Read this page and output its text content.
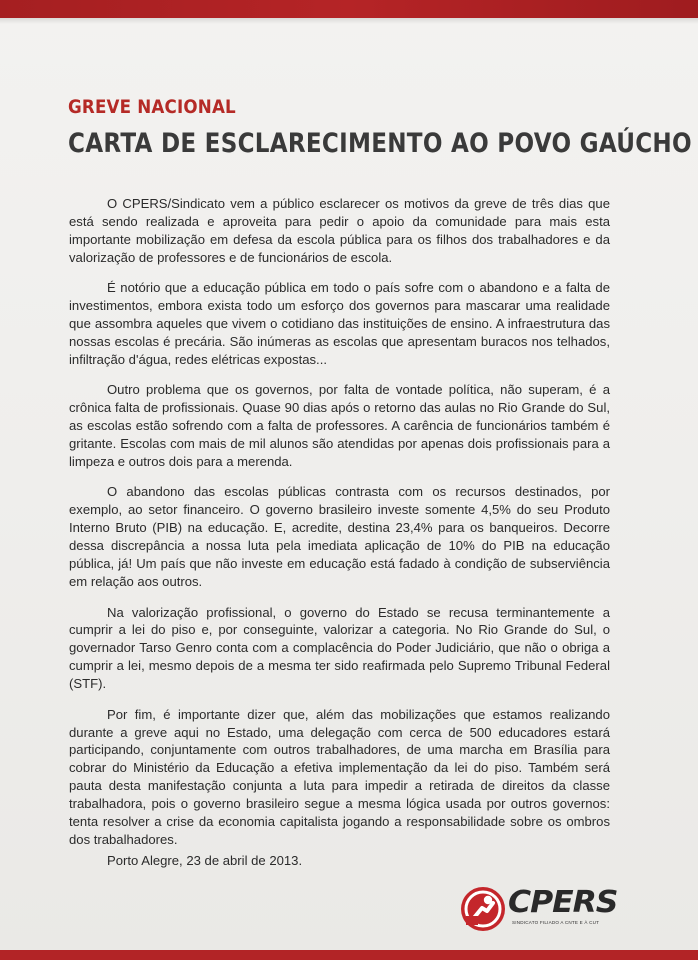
GREVE NACIONAL
CARTA DE ESCLARECIMENTO AO POVO GAÚCHO

O CPERS/Sindicato vem a público esclarecer os motivos da greve de três dias que está sendo realizada e aproveita para pedir o apoio da comunidade para mais esta importante mobilização em defesa da escola pública para os filhos dos trabalhadores e da valorização de professores e de funcionários de escola.

É notório que a educação pública em todo o país sofre com o abandono e a falta de investimentos, embora exista todo um esforço dos governos para mascarar uma realidade que assombra aqueles que vivem o cotidiano das instituições de ensino. A infraestrutura das nossas escolas é precária. São inúmeras as escolas que apresentam buracos nos telhados, infiltração d'água, redes elétricas expostas...

Outro problema que os governos, por falta de vontade política, não superam, é a crônica falta de profissionais. Quase 90 dias após o retorno das aulas no Rio Grande do Sul, as escolas estão sofrendo com a falta de professores. A carência de funcionários também é gritante. Escolas com mais de mil alunos são atendidas por apenas dois profissionais para a limpeza e outros dois para a merenda.

O abandono das escolas públicas contrasta com os recursos destinados, por exemplo, ao setor financeiro. O governo brasileiro investe somente 4,5% do seu Produto Interno Bruto (PIB) na educação. E, acredite, destina 23,4% para os banqueiros. Decorre dessa discrepância a nossa luta pela imediata aplicação de 10% do PIB na educação pública, já! Um país que não investe em educação está fadado à condição de subserviência em relação aos outros.

Na valorização profissional, o governo do Estado se recusa terminantemente a cumprir a lei do piso e, por conseguinte, valorizar a categoria. No Rio Grande do Sul, o governador Tarso Genro conta com a complacência do Poder Judiciário, que não o obriga a cumprir a lei, mesmo depois de a mesma ter sido reafirmada pelo Supremo Tribunal Federal (STF).

Por fim, é importante dizer que, além das mobilizações que estamos realizando durante a greve aqui no Estado, uma delegação com cerca de 500 educadores estará participando, conjuntamente com outros trabalhadores, de uma marcha em Brasília para cobrar do Ministério da Educação a efetiva implementação da lei do piso. Também será pauta desta manifestação conjunta a luta para impedir a retirada de direitos da classe trabalhadora, pois o governo brasileiro segue a mesma lógica usada por outros governos: tenta resolver a crise da economia capitalista jogando a responsabilidade sobre os ombros dos trabalhadores.

Porto Alegre, 23 de abril de 2013.
CPERS
SINDICATO FILIADO A CNTE E À CUT
